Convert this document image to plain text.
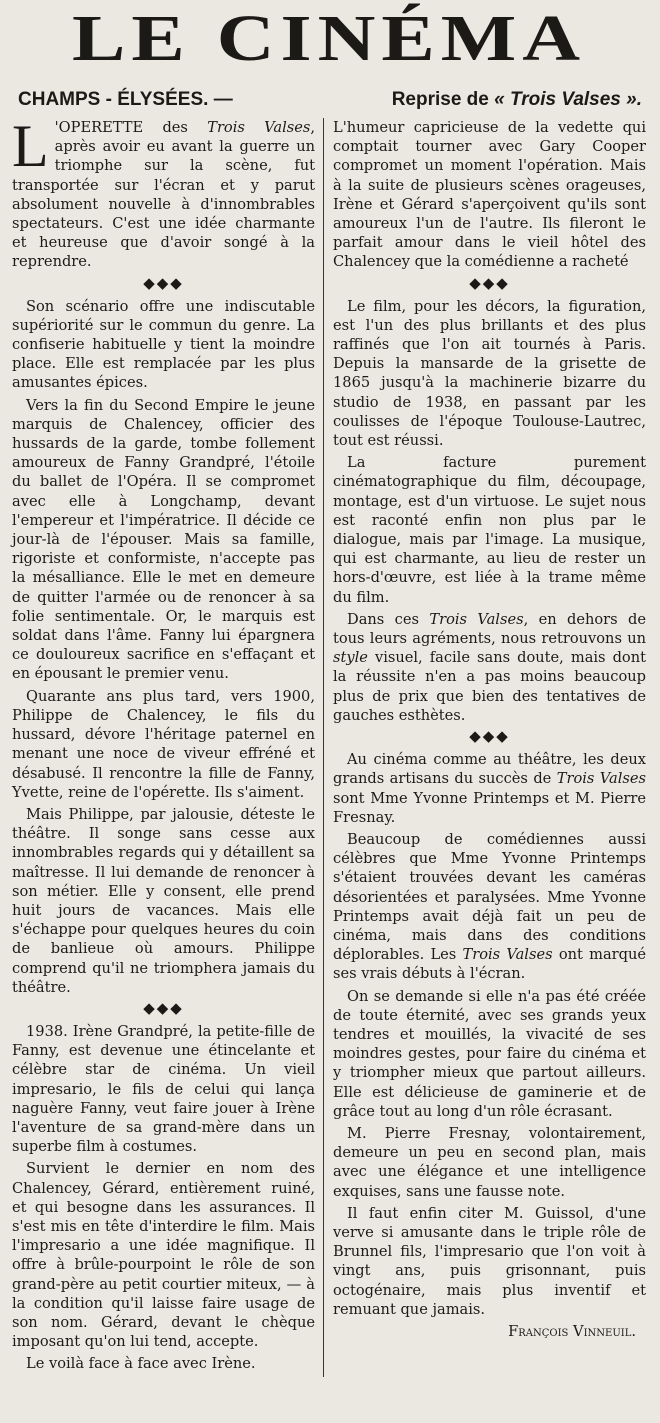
LE CINÉMA
CHAMPS - ÉLYSÉES. —	Reprise de « Trois Valses ».

L 'OPERETTE des Trois Valses, après avoir eu avant la guerre un triomphe sur la scène, fut transportée sur l'écran et y parut absolument nouvelle à d'innombrables spectateurs. C'est une idée charmante et heureuse que d'avoir songé à la reprendre.

◆◆◆

Son scénario offre une indiscutable supériorité sur le commun du genre. La confiserie habituelle y tient la moindre place. Elle est remplacée par les plus amusantes épices.

Vers la fin du Second Empire le jeune marquis de Chalencey, officier des hussards de la garde, tombe follement amoureux de Fanny Grandpré, l'étoile du ballet de l'Opéra. Il se compromet avec elle à Longchamp, devant l'empereur et l'impératrice. Il décide ce jour-là de l'épouser. Mais sa famille, rigoriste et conformiste, n'accepte pas la mésalliance. Elle le met en demeure de quitter l'armée ou de renoncer à sa folie sentimentale. Or, le marquis est soldat dans l'âme. Fanny lui épargnera ce douloureux sacrifice en s'effaçant et en épousant le premier venu.

Quarante ans plus tard, vers 1900, Philippe de Chalencey, le fils du hussard, dévore l'héritage paternel en menant une noce de viveur effréné et désabusé. Il rencontre la fille de Fanny, Yvette, reine de l'opérette. Ils s'aiment.

Mais Philippe, par jalousie, déteste le théâtre. Il songe sans cesse aux innombrables regards qui y détaillent sa maîtresse. Il lui demande de renoncer à son métier. Elle y consent, elle prend huit jours de vacances. Mais elle s'échappe pour quelques heures du coin de banlieue où amours. Philippe comprend qu'il ne triomphera jamais du théâtre.

◆◆◆

1938. Irène Grandpré, la petite-fille de Fanny, est devenue une étincelante et célèbre star de cinéma. Un vieil impresario, le fils de celui qui lança naguère Fanny, veut faire jouer à Irène l'aventure de sa grand-mère dans un superbe film à costumes.

Survient le dernier en nom des Chalencey, Gérard, entièrement ruiné, et qui besogne dans les assurances. Il s'est mis en tête d'interdire le film. Mais l'impresario a une idée magnifique. Il offre à brûle-pourpoint le rôle de son grand-père au petit courtier miteux, — à la condition qu'il laisse faire usage de son nom. Gérard, devant le chèque imposant qu'on lui tend, accepte.

Le voilà face à face avec Irène.

L'humeur capricieuse de la vedette qui comptait tourner avec Gary Cooper compromet un moment l'opération. Mais à la suite de plusieurs scènes orageuses, Irène et Gérard s'aperçoivent qu'ils sont amoureux l'un de l'autre. Ils fileront le parfait amour dans le vieil hôtel des Chalencey que la comédienne a racheté

◆◆◆

Le film, pour les décors, la figuration, est l'un des plus brillants et des plus raffinés que l'on ait tournés à Paris. Depuis la mansarde de la grisette de 1865 jusqu'à la machinerie bizarre du studio de 1938, en passant par les coulisses de l'époque Toulouse-Lautrec, tout est réussi.

La facture purement cinématographique du film, découpage, montage, est d'un virtuose. Le sujet nous est raconté enfin non plus par le dialogue, mais par l'image. La musique, qui est charmante, au lieu de rester un hors-d'œuvre, est liée à la trame même du film.

Dans ces Trois Valses, en dehors de tous leurs agréments, nous retrouvons un style visuel, facile sans doute, mais dont la réussite n'en a pas moins beaucoup plus de prix que bien des tentatives de gauches esthètes.

◆◆◆

Au cinéma comme au théâtre, les deux grands artisans du succès de Trois Valses sont Mme Yvonne Printemps et M. Pierre Fresnay.

Beaucoup de comédiennes aussi célèbres que Mme Yvonne Printemps s'étaient trouvées devant les caméras désorientées et paralysées. Mme Yvonne Printemps avait déjà fait un peu de cinéma, mais dans des conditions déplorables. Les Trois Valses ont marqué ses vrais débuts à l'écran.

On se demande si elle n'a pas été créée de toute éternité, avec ses grands yeux tendres et mouillés, la vivacité de ses moindres gestes, pour faire du cinéma et y triompher mieux que partout ailleurs. Elle est délicieuse de gaminerie et de grâce tout au long d'un rôle écrasant.

M. Pierre Fresnay, volontairement, demeure un peu en second plan, mais avec une élégance et une intelligence exquises, sans une fausse note.

Il faut enfin citer M. Guissol, d'une verve si amusante dans le triple rôle de Brunnel fils, l'impresario que l'on voit à vingt ans, puis grisonnant, puis octogénaire, mais plus inventif et remuant que jamais.

François Vinneuil.
